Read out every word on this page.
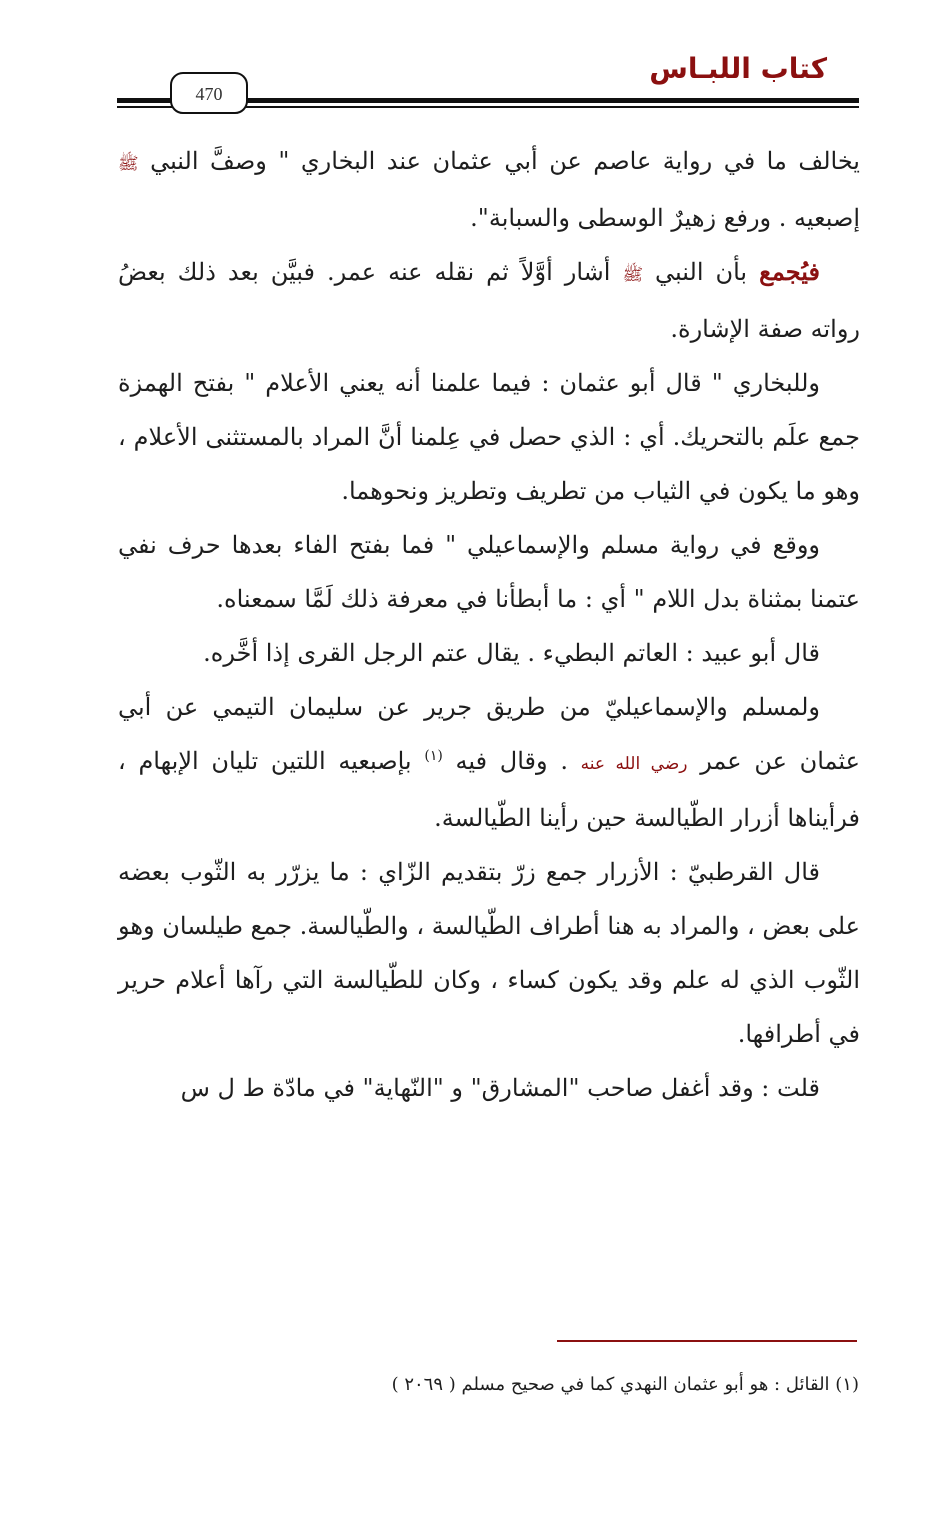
كتاب اللبـاس
470

يخالف ما في رواية عاصم عن أبي عثمان عند البخاري " وصفَّ النبي ﷺ إصبعيه . ورفع زهيرٌ الوسطى والسبابة".

فيُجمع بأن النبي ﷺ أشار أوَّلاً ثم نقله عنه عمر. فبيَّن بعد ذلك بعضُ رواته صفة الإشارة.

وللبخاري " قال أبو عثمان : فيما علمنا أنه يعني الأعلام " بفتح الهمزة جمع علَم بالتحريك. أي : الذي حصل في عِلمنا أنَّ المراد بالمستثنى الأعلام ، وهو ما يكون في الثياب من تطريف وتطريز ونحوهما.

ووقع في رواية مسلم والإسماعيلي " فما بفتح الفاء بعدها حرف نفي عتمنا بمثناة بدل اللام " أي : ما أبطأنا في معرفة ذلك لَمَّا سمعناه.

قال أبو عبيد : العاتم البطيء . يقال عتم الرجل القرى إذا أخَّره.

ولمسلم والإسماعيليّ من طريق جرير عن سليمان التيمي عن أبي عثمان عن عمر رضي الله عنه . وقال فيه $^{(١)}$ بإصبعيه اللتين تليان الإبهام ، فرأيناها أزرار الطّيالسة حين رأينا الطّيالسة.

قال القرطبيّ : الأزرار جمع زرّ بتقديم الزّاي : ما يزرّر به الثّوب بعضه على بعض ، والمراد به هنا أطراف الطّيالسة ، والطّيالسة. جمع طيلسان وهو الثّوب الذي له علم وقد يكون كساء ، وكان للطّيالسة التي رآها أعلام حرير في أطرافها.

قلت : وقد أغفل صاحب "المشارق" و "النّهاية" في مادّة ط ل س

(١) القائل : هو أبو عثمان النهدي كما في صحيح مسلم ( ٢٠٦٩ )
